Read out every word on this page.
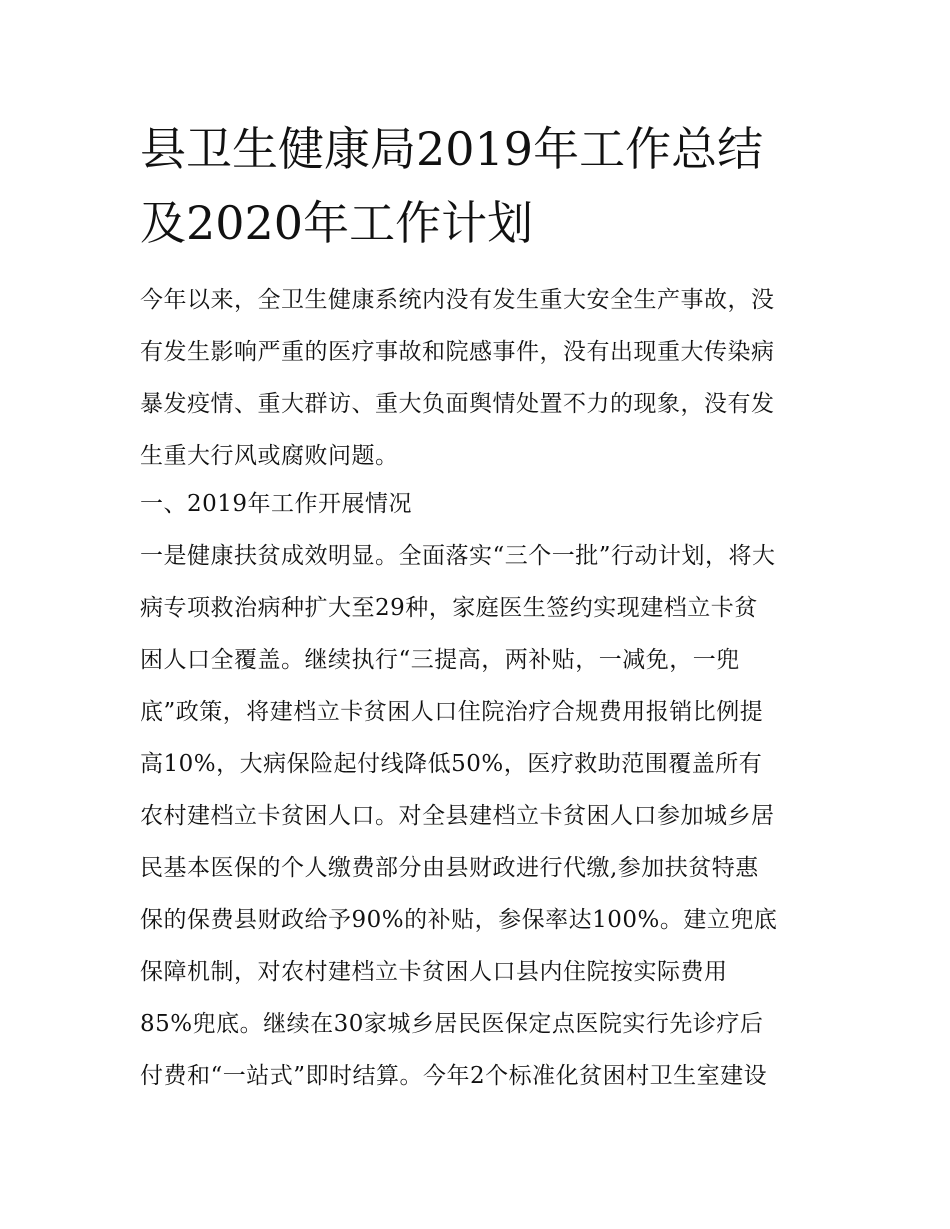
县卫生健康局2019年工作总结
及2020年工作计划

今年以来，全卫生健康系统内没有发生重大安全生产事故，没
有发生影响严重的医疗事故和院感事件，没有出现重大传染病
暴发疫情、重大群访、重大负面舆情处置不力的现象，没有发
生重大行风或腐败问题。

一、2019年工作开展情况

一是健康扶贫成效明显。全面落实“三个一批”行动计划，将大
病专项救治病种扩大至29种，家庭医生签约实现建档立卡贫
困人口全覆盖。继续执行“三提高，两补贴，一减免，一兜
底”政策，将建档立卡贫困人口住院治疗合规费用报销比例提
高10%，大病保险起付线降低50%，医疗救助范围覆盖所有
农村建档立卡贫困人口。对全县建档立卡贫困人口参加城乡居
民基本医保的个人缴费部分由县财政进行代缴,参加扶贫特惠
保的保费县财政给予90%的补贴，参保率达100%。建立兜底
保障机制，对农村建档立卡贫困人口县内住院按实际费用
85%兜底。继续在30家城乡居民医保定点医院实行先诊疗后
付费和“一站式”即时结算。今年2个标准化贫困村卫生室建设
